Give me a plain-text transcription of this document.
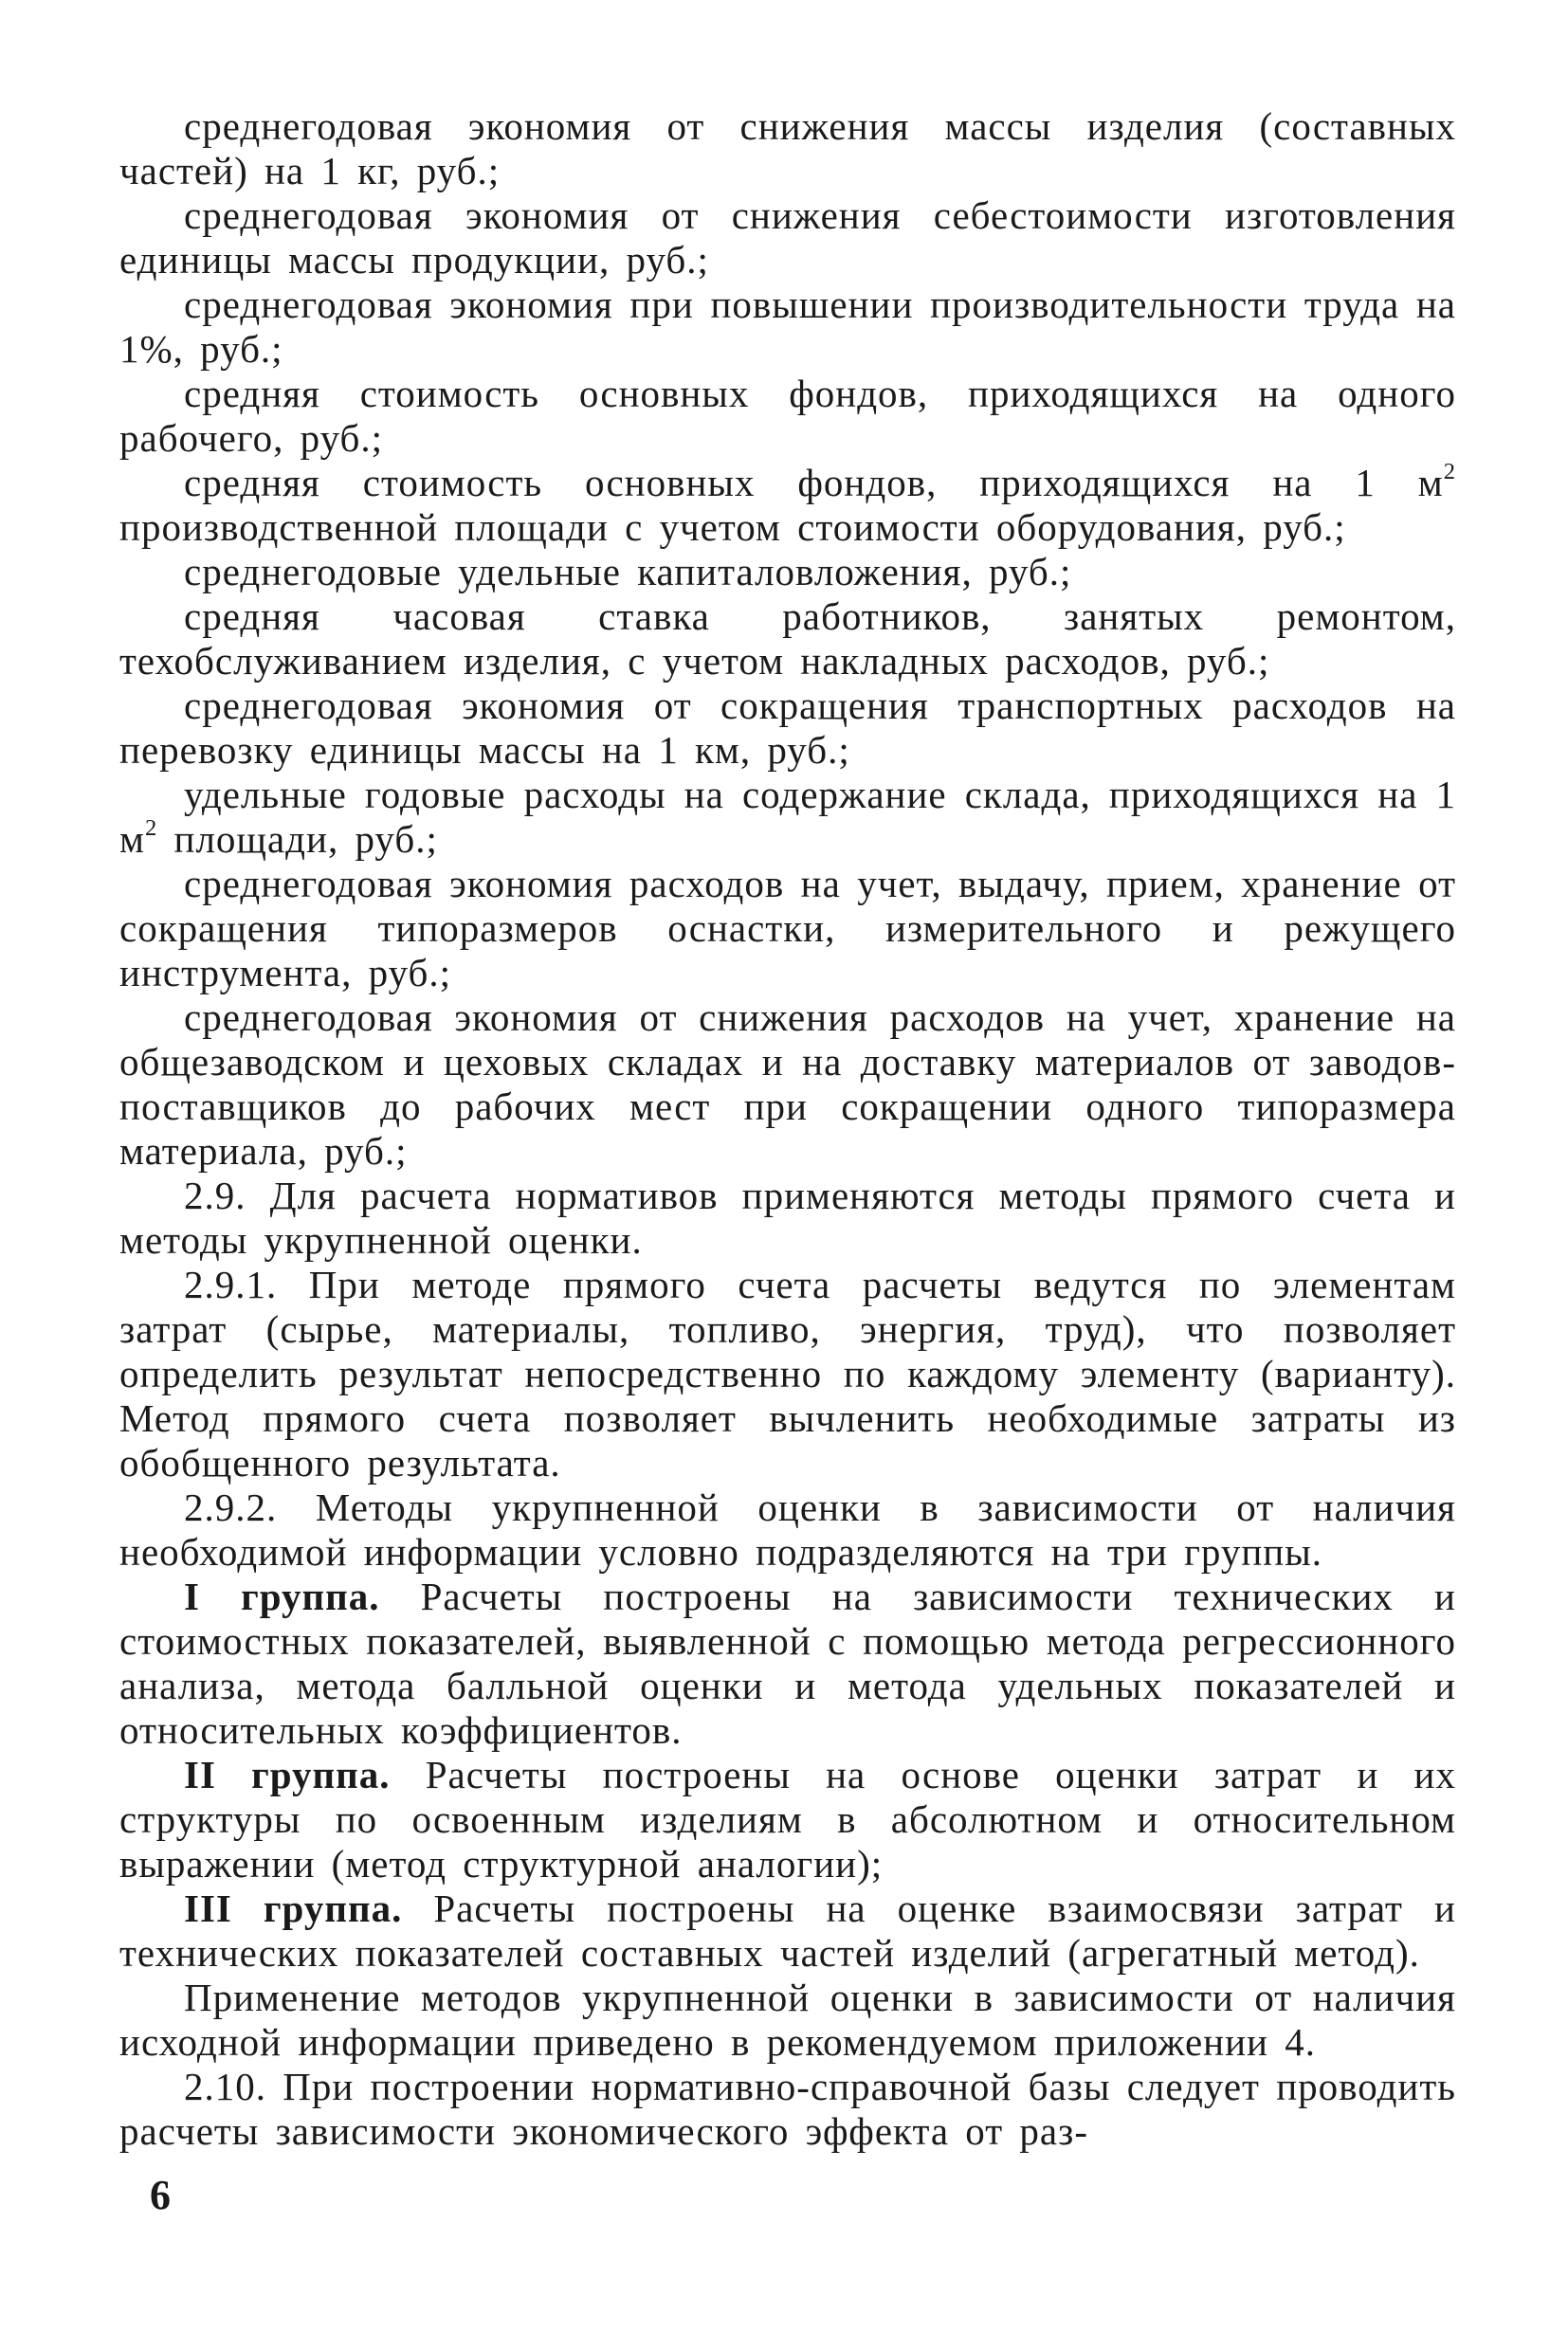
среднегодовая экономия от снижения массы изделия (составных частей) на 1 кг, руб.;

среднегодовая экономия от снижения себестоимости изготовления единицы массы продукции, руб.;

среднегодовая экономия при повышении производительности труда на 1%, руб.;

средняя стоимость основных фондов, приходящихся на одного рабочего, руб.;

средняя стоимость основных фондов, приходящихся на 1 $м^2$ производственной площади с учетом стоимости оборудования, руб.;

среднегодовые удельные капиталовложения, руб.;

средняя часовая ставка работников, занятых ремонтом, техобслуживанием изделия, с учетом накладных расходов, руб.;

среднегодовая экономия от сокращения транспортных расходов на перевозку единицы массы на 1 км, руб.;

удельные годовые расходы на содержание склада, приходящихся на 1 $м^2$ площади, руб.;

среднегодовая экономия расходов на учет, выдачу, прием, хранение от сокращения типоразмеров оснастки, измерительного и режущего инструмента, руб.;

среднегодовая экономия от снижения расходов на учет, хранение на общезаводском и цеховых складах и на доставку материалов от заводов-поставщиков до рабочих мест при сокращении одного типоразмера материала, руб.;

2.9. Для расчета нормативов применяются методы прямого счета и методы укрупненной оценки.

2.9.1. При методе прямого счета расчеты ведутся по элементам затрат (сырье, материалы, топливо, энергия, труд), что позволяет определить результат непосредственно по каждому элементу (варианту). Метод прямого счета позволяет вычленить необходимые затраты из обобщенного результата.

2.9.2. Методы укрупненной оценки в зависимости от наличия необходимой информации условно подразделяются на три группы.

I группа. Расчеты построены на зависимости технических и стоимостных показателей, выявленной с помощью метода регрессионного анализа, метода балльной оценки и метода удельных показателей и относительных коэффициентов.

II группа. Расчеты построены на основе оценки затрат и их структуры по освоенным изделиям в абсолютном и относительном выражении (метод структурной аналогии);

III группа. Расчеты построены на оценке взаимосвязи затрат и технических показателей составных частей изделий (агрегатный метод).

Применение методов укрупненной оценки в зависимости от наличия исходной информации приведено в рекомендуемом приложении 4.

2.10. При построении нормативно-справочной базы следует проводить расчеты зависимости экономического эффекта от раз-

6
